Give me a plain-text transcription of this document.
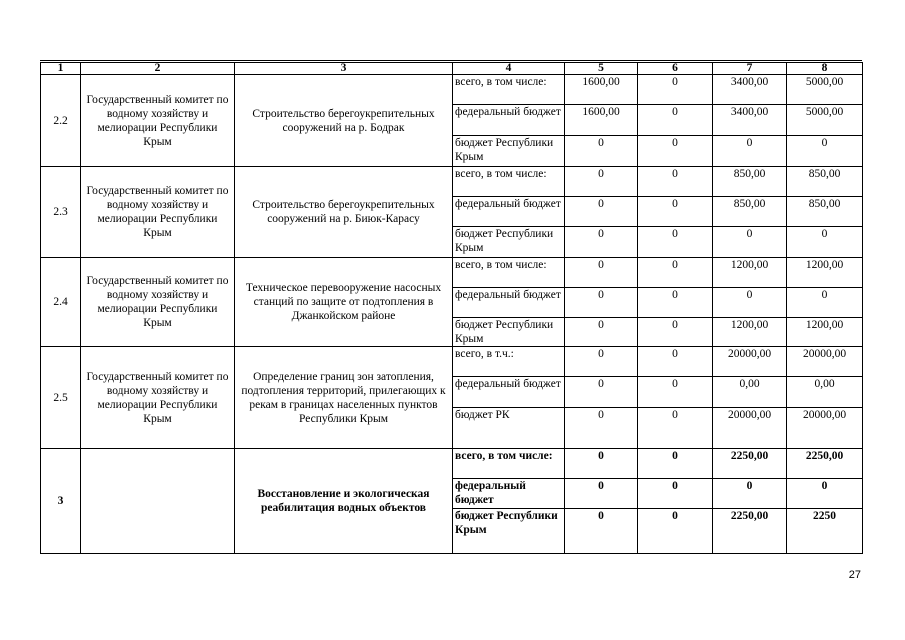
1	2	3	4	5	6	7	8
2.2	Государственный комитет по водному хозяйству и мелиорации Республики Крым	Строительство берегоукрепительных сооружений на р. Бодрак	всего, в том числе:	1600,00	0	3400,00	5000,00
			федеральный бюджет	1600,00	0	3400,00	5000,00
			бюджет Республики Крым	0	0	0	0
2.3	Государственный комитет по водному хозяйству и мелиорации Республики Крым	Строительство берегоукрепительных сооружений на р. Биюк-Карасу	всего, в том числе:	0	0	850,00	850,00
			федеральный бюджет	0	0	850,00	850,00
			бюджет Республики Крым	0	0	0	0
2.4	Государственный комитет по водному хозяйству и мелиорации Республики Крым	Техническое перевооружение насосных станций по защите от подтопления в Джанкойском районе	всего, в том числе:	0	0	1200,00	1200,00
			федеральный бюджет	0	0	0	0
			бюджет Республики Крым	0	0	1200,00	1200,00
2.5	Государственный комитет по водному хозяйству и мелиорации Республики Крым	Определение границ зон затопления, подтопления территорий, прилегающих к рекам в границах населенных пунктов Республики Крым	всего, в т.ч.:	0	0	20000,00	20000,00
			федеральный бюджет	0	0	0,00	0,00
			бюджет РК	0	0	20000,00	20000,00
3		Восстановление и экологическая реабилитация водных объектов	всего, в том числе:	0	0	2250,00	2250,00
			федеральный бюджет	0	0	0	0
			бюджет Республики Крым	0	0	2250,00	2250
27
